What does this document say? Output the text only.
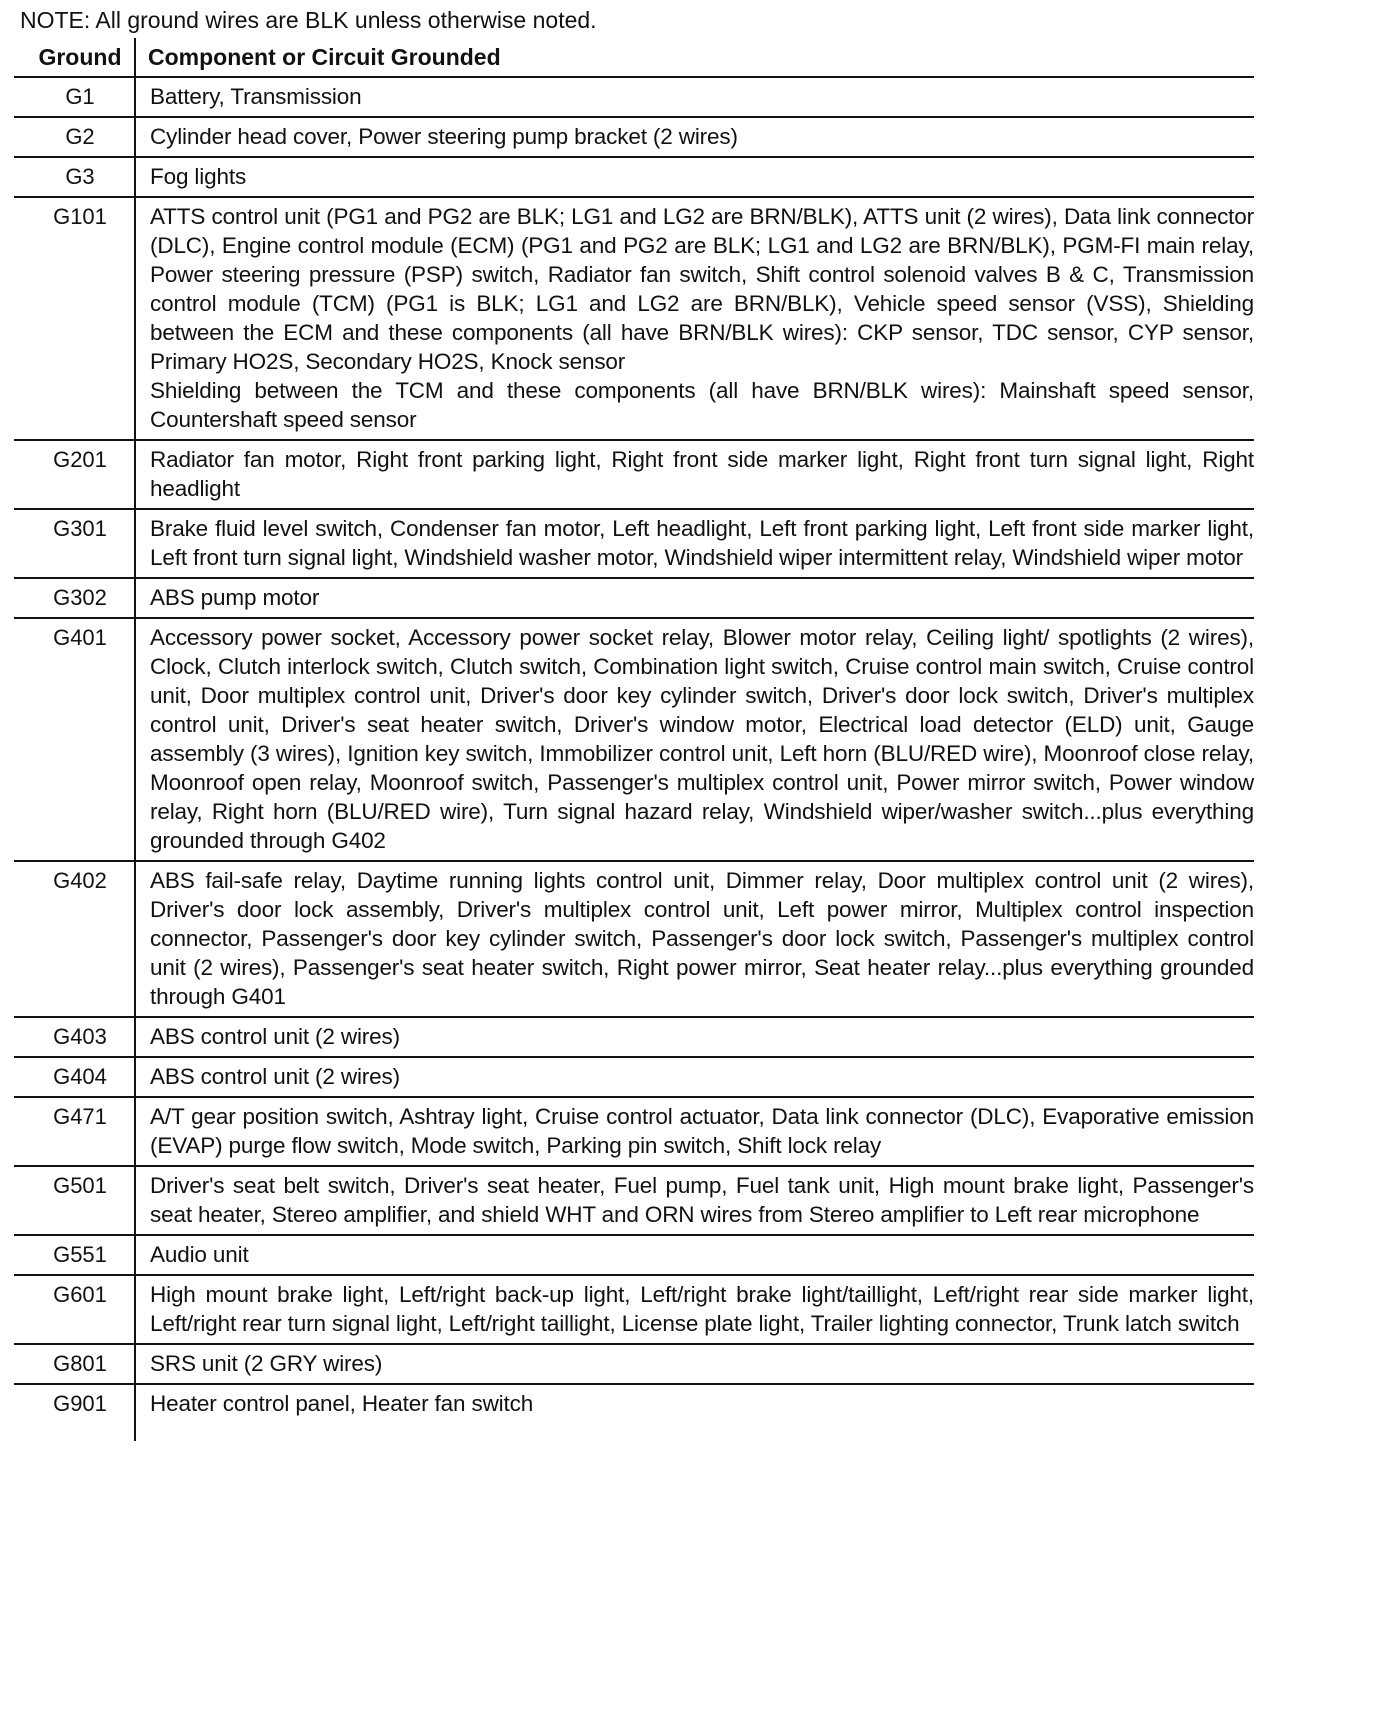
NOTE: All ground wires are BLK unless otherwise noted.
Ground	Component or Circuit Grounded
G1	Battery, Transmission
G2	Cylinder head cover, Power steering pump bracket (2 wires)
G3	Fog lights
G101	ATTS control unit (PG1 and PG2 are BLK; LG1 and LG2 are BRN/BLK), ATTS unit (2 wires), Data link connector (DLC), Engine control module (ECM) (PG1 and PG2 are BLK; LG1 and LG2 are BRN/BLK), PGM-FI main relay, Power steering pressure (PSP) switch, Radiator fan switch, Shift control solenoid valves B & C, Transmission control module (TCM) (PG1 is BLK; LG1 and LG2 are BRN/BLK), Vehicle speed sensor (VSS), Shielding between the ECM and these components (all have BRN/BLK wires): CKP sensor, TDC sensor, CYP sensor, Primary HO2S, Secondary HO2S, Knock sensor
Shielding between the TCM and these components (all have BRN/BLK wires): Mainshaft speed sensor, Countershaft speed sensor
G201	Radiator fan motor, Right front parking light, Right front side marker light, Right front turn signal light, Right headlight
G301	Brake fluid level switch, Condenser fan motor, Left headlight, Left front parking light, Left front side marker light, Left front turn signal light, Windshield washer motor, Windshield wiper intermittent relay, Windshield wiper motor
G302	ABS pump motor
G401	Accessory power socket, Accessory power socket relay, Blower motor relay, Ceiling light/ spotlights (2 wires), Clock, Clutch interlock switch, Clutch switch, Combination light switch, Cruise control main switch, Cruise control unit, Door multiplex control unit, Driver's door key cylinder switch, Driver's door lock switch, Driver's multiplex control unit, Driver's seat heater switch, Driver's window motor, Electrical load detector (ELD) unit, Gauge assembly (3 wires), Ignition key switch, Immobilizer control unit, Left horn (BLU/RED wire), Moonroof close relay, Moonroof open relay, Moonroof switch, Passenger's multiplex control unit, Power mirror switch, Power window relay, Right horn (BLU/RED wire), Turn signal hazard relay, Windshield wiper/washer switch...plus everything grounded through G402
G402	ABS fail-safe relay, Daytime running lights control unit, Dimmer relay, Door multiplex control unit (2 wires), Driver's door lock assembly, Driver's multiplex control unit, Left power mirror, Multiplex control inspection connector, Passenger's door key cylinder switch, Passenger's door lock switch, Passenger's multiplex control unit (2 wires), Passenger's seat heater switch, Right power mirror, Seat heater relay...plus everything grounded through G401
G403	ABS control unit (2 wires)
G404	ABS control unit (2 wires)
G471	A/T gear position switch, Ashtray light, Cruise control actuator, Data link connector (DLC), Evaporative emission (EVAP) purge flow switch, Mode switch, Parking pin switch, Shift lock relay
G501	Driver's seat belt switch, Driver's seat heater, Fuel pump, Fuel tank unit, High mount brake light, Passenger's seat heater, Stereo amplifier, and shield WHT and ORN wires from Stereo amplifier to Left rear microphone
G551	Audio unit
G601	High mount brake light, Left/right back-up light, Left/right brake light/taillight, Left/right rear side marker light, Left/right rear turn signal light, Left/right taillight, License plate light, Trailer lighting connector, Trunk latch switch
G801	SRS unit (2 GRY wires)
G901	Heater control panel, Heater fan switch
